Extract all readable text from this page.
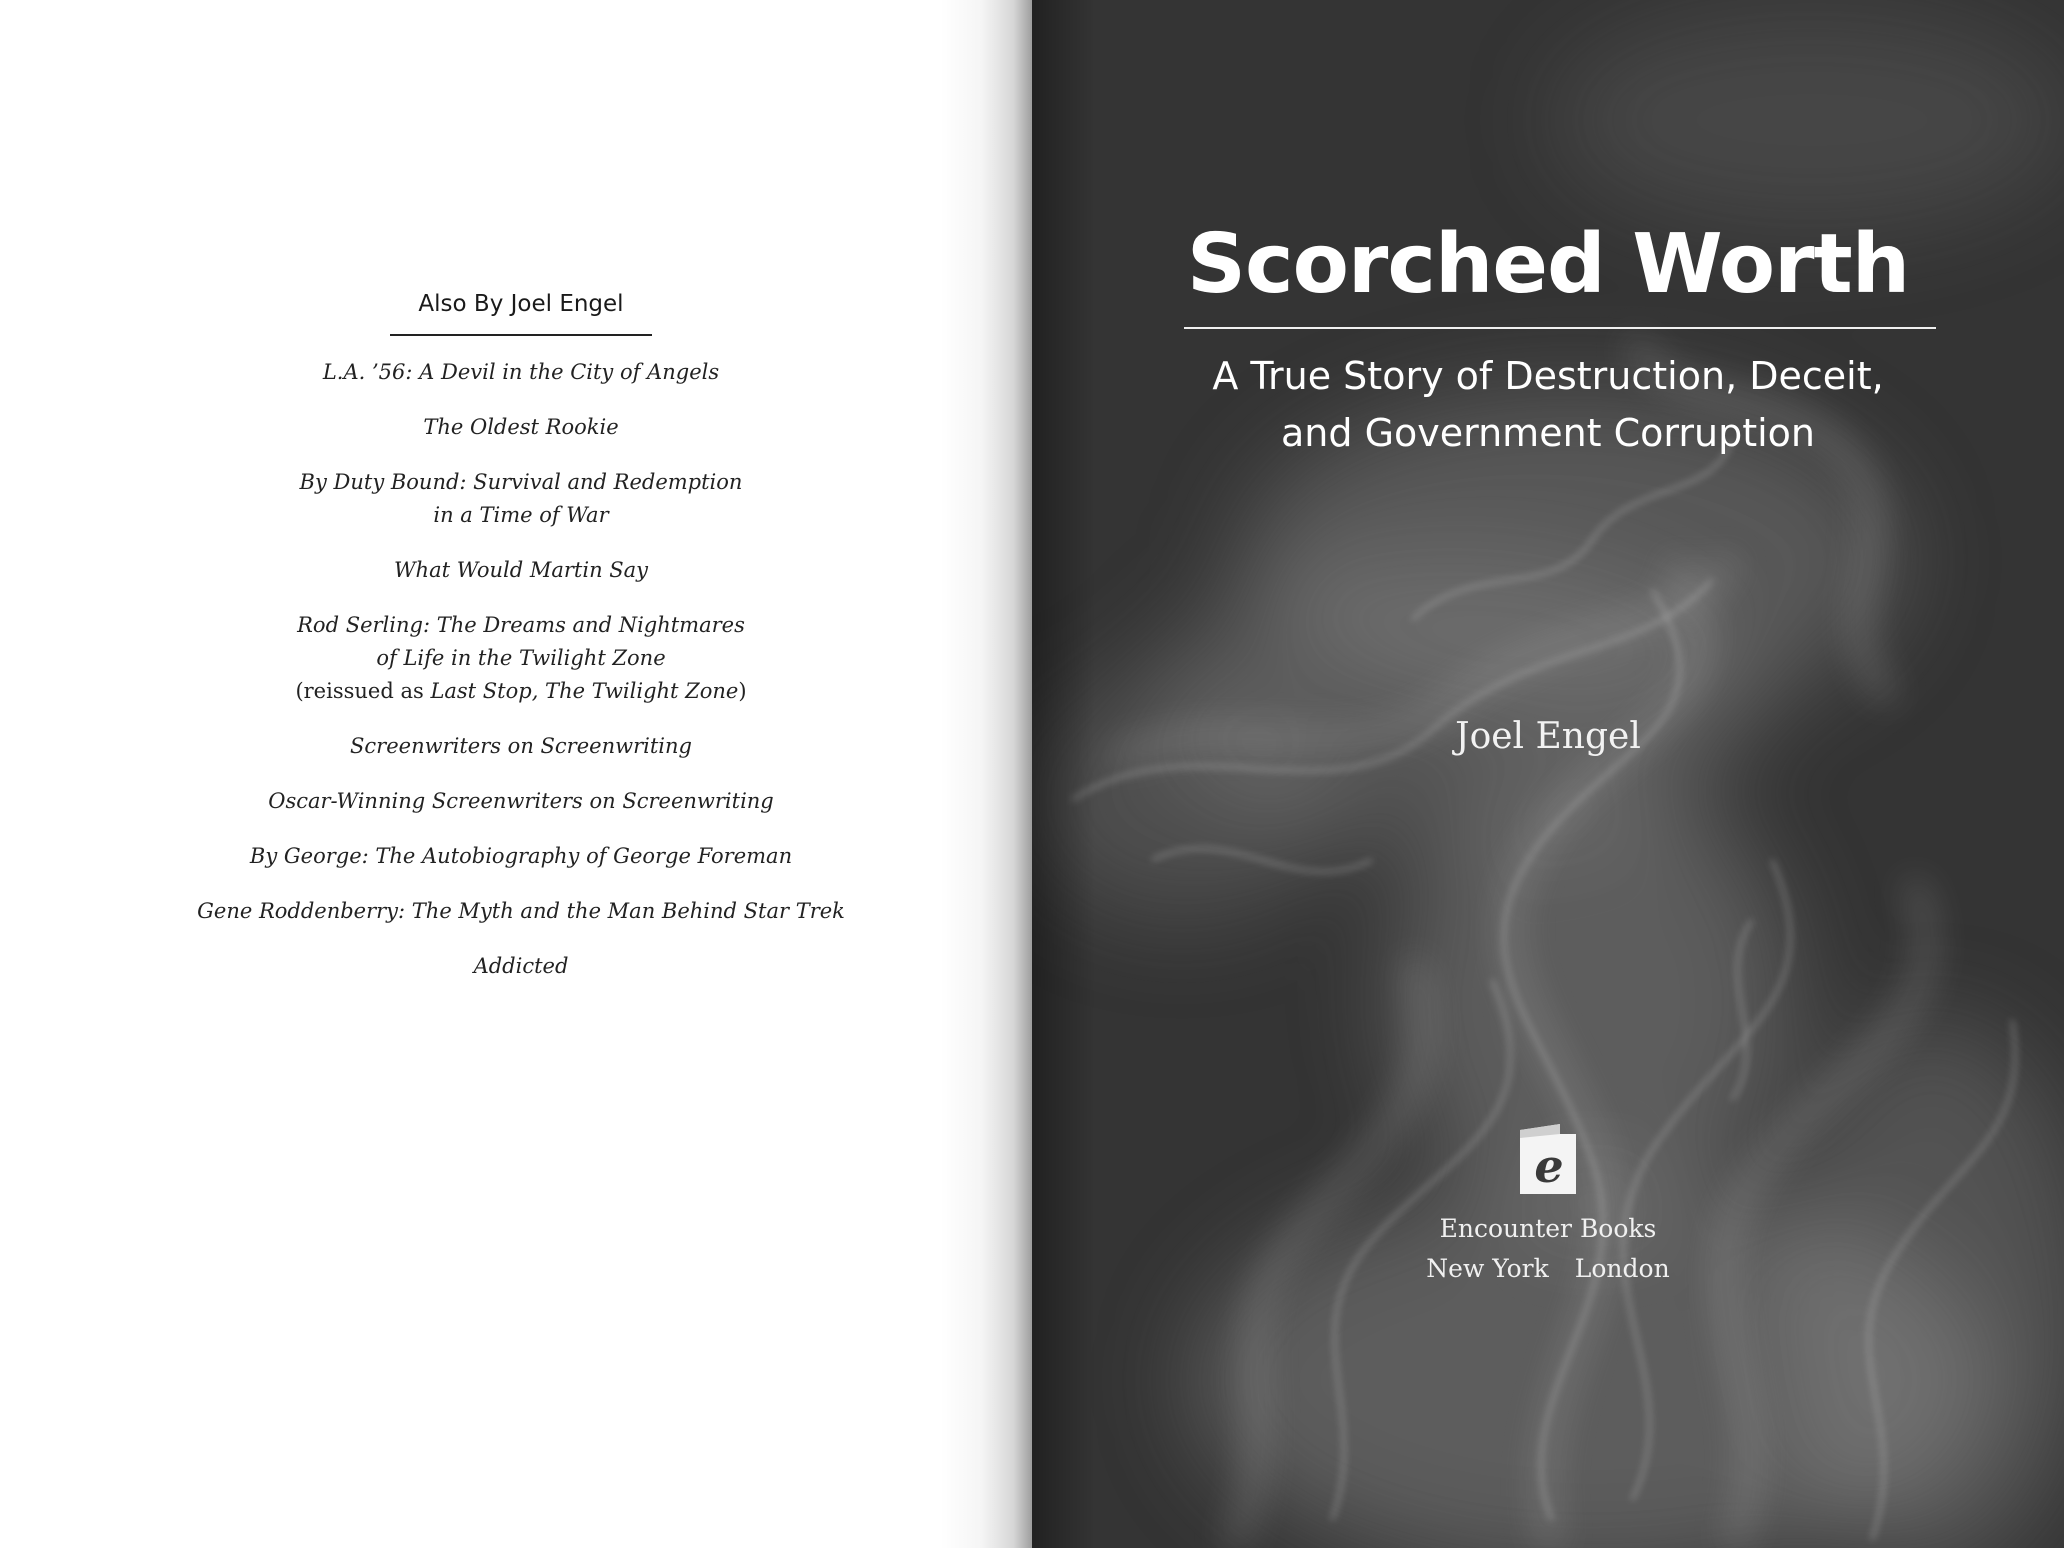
Also By Joel Engel
L.A. ’56: A Devil in the City of Angels
The Oldest Rookie
By Duty Bound: Survival and Redemption
in a Time of War
What Would Martin Say
Rod Serling: The Dreams and Nightmares
of Life in the Twilight Zone
(reissued as Last Stop, The Twilight Zone)
Screenwriters on Screenwriting
Oscar-Winning Screenwriters on Screenwriting
By George: The Autobiography of George Foreman
Gene Roddenberry: The Myth and the Man Behind Star Trek
Addicted
Scorched Worth
A True Story of Destruction, Deceit,
and Government Corruption
Joel Engel
e
Encounter Books
New York London
